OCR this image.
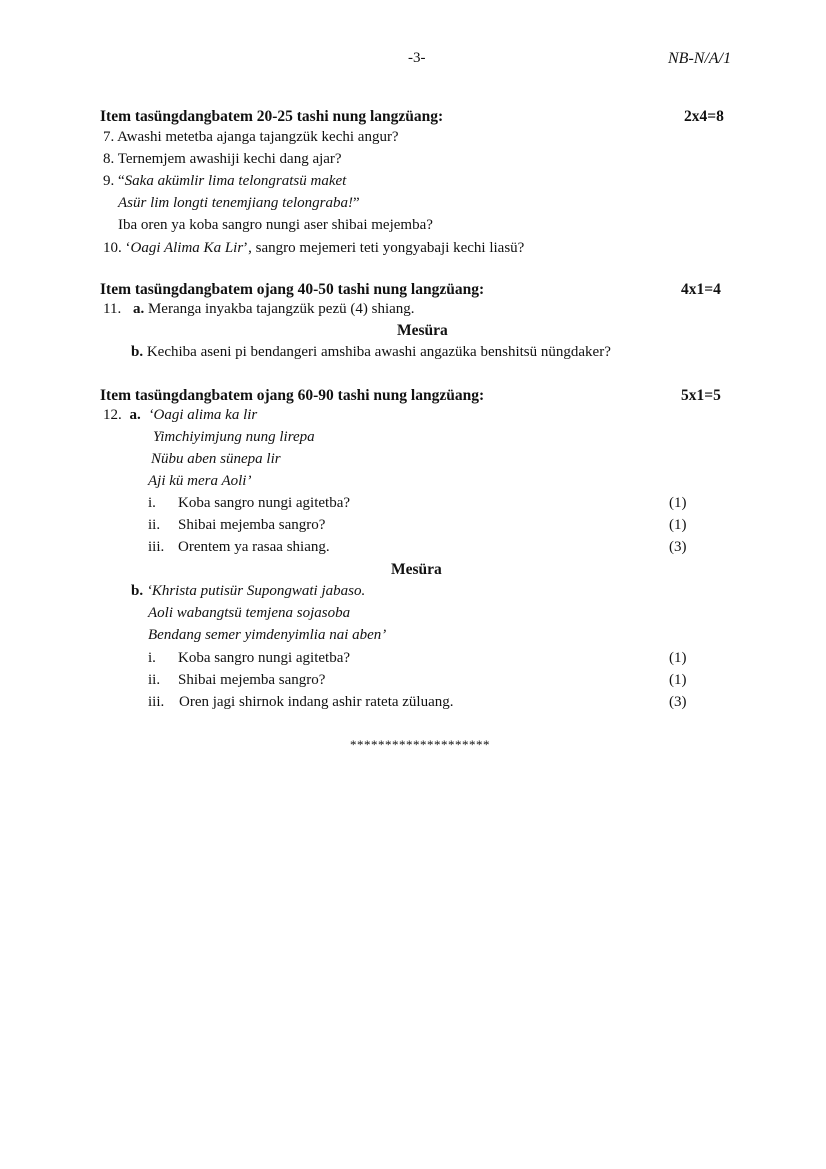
-3-	NB-N/A/1
Item tasüngdangbatem 20-25 tashi nung langzüang:	2x4=8
7. Awashi metetba ajanga tajangzük kechi angur?
8. Ternemjem awashiji kechi dang ajar?
9. “Saka akümlir lima telongratsü maket
Asür lim longti tenemjiang telongraba!”
Iba oren ya koba sangro nungi aser shibai mejemba?
10. ‘Oagi Alima Ka Lir’, sangro mejemeri teti yongyabaji kechi liasü?
Item tasüngdangbatem ojang 40-50 tashi nung langzüang:	4x1=4
11. a. Meranga inyakba tajangzük pezü (4) shiang.
Mesüra
b. Kechiba aseni pi bendangeri amshiba awashi angazüka benshitsü nüngdaker?
Item tasüngdangbatem ojang 60-90 tashi nung langzüang:	5x1=5
12. a. ‘Oagi alima ka lir
Yimchiyimjung nung lirepa
Nübu aben sünepa lir
Aji kü mera Aoli’
i. Koba sangro nungi agitetba?	(1)
ii. Shibai mejemba sangro?	(1)
iii. Orentem ya rasaa shiang.	(3)
Mesüra
b. ‘Khrista putisür Supongwati jabaso.
Aoli wabangtsü temjena sojasoba
Bendang semer yimdenyimlia nai aben’
i. Koba sangro nungi agitetba?	(1)
ii. Shibai mejemba sangro?	(1)
iii. Oren jagi shirnok indang ashir rateta züluang.	(3)
********************
